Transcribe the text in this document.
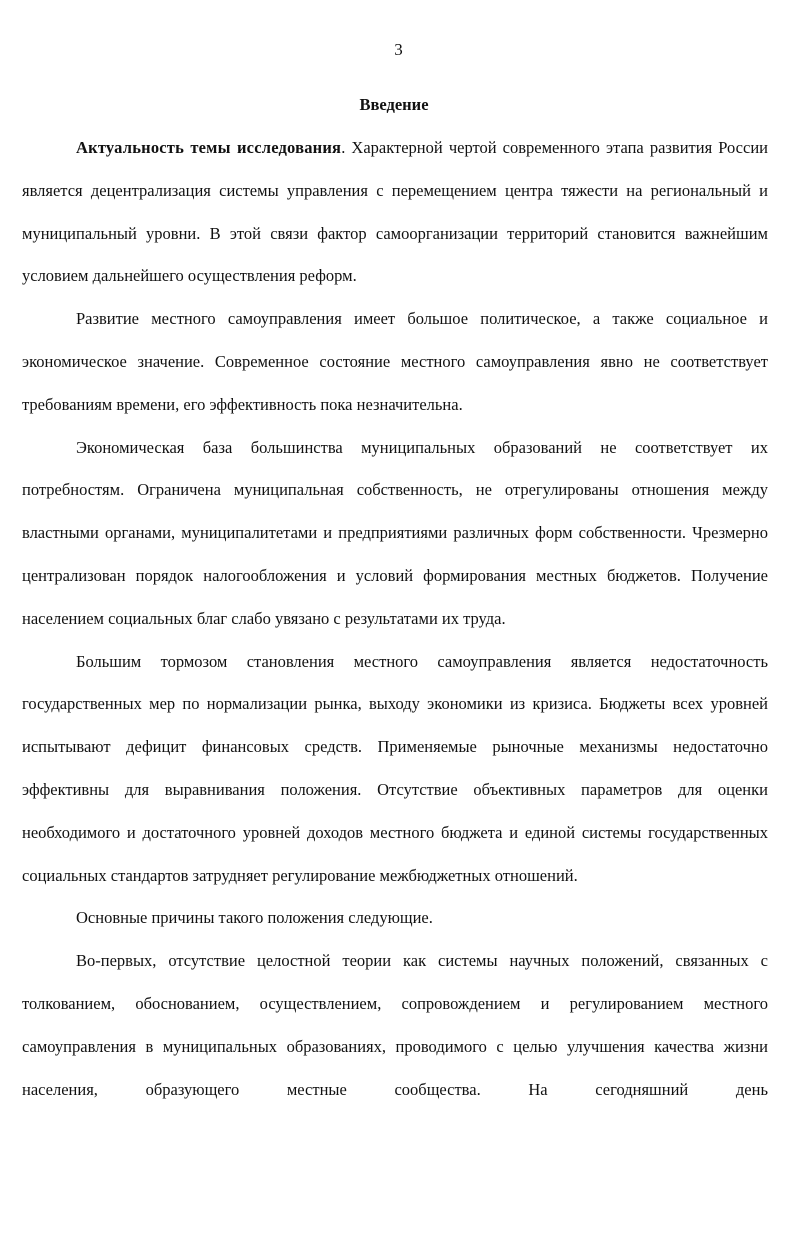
3
Введение

Актуальность темы исследования. Характерной чертой современного этапа развития России является децентрализация системы управления с перемещением центра тяжести на региональный и муниципальный уровни. В этой связи фактор самоорганизации территорий становится важнейшим условием дальнейшего осуществления реформ.

Развитие местного самоуправления имеет большое политическое, а также социальное и экономическое значение. Современное состояние местного самоуправления явно не соответствует требованиям времени, его эффективность пока незначительна.

Экономическая база большинства муниципальных образований не соответствует их потребностям. Ограничена муниципальная собственность, не отрегулированы отношения между властными органами, муниципалитетами и предприятиями различных форм собственности. Чрезмерно централизован порядок налогообложения и условий формирования местных бюджетов. Получение населением социальных благ слабо увязано с результатами их труда.

Большим тормозом становления местного самоуправления является недостаточность государственных мер по нормализации рынка, выходу экономики из кризиса. Бюджеты всех уровней испытывают дефицит финансовых средств. Применяемые рыночные механизмы недостаточно эффективны для выравнивания положения. Отсутствие объективных параметров для оценки необходимого и достаточного уровней доходов местного бюджета и единой системы государственных социальных стандартов затрудняет регулирование межбюджетных отношений.

Основные причины такого положения следующие.

Во-первых, отсутствие целостной теории как системы научных положений, связанных с толкованием, обоснованием, осуществлением, сопровождением и регулированием местного самоуправления в муниципальных образованиях, проводимого с целью улучшения качества жизни населения, образующего местные сообщества. На сегодняшний день
